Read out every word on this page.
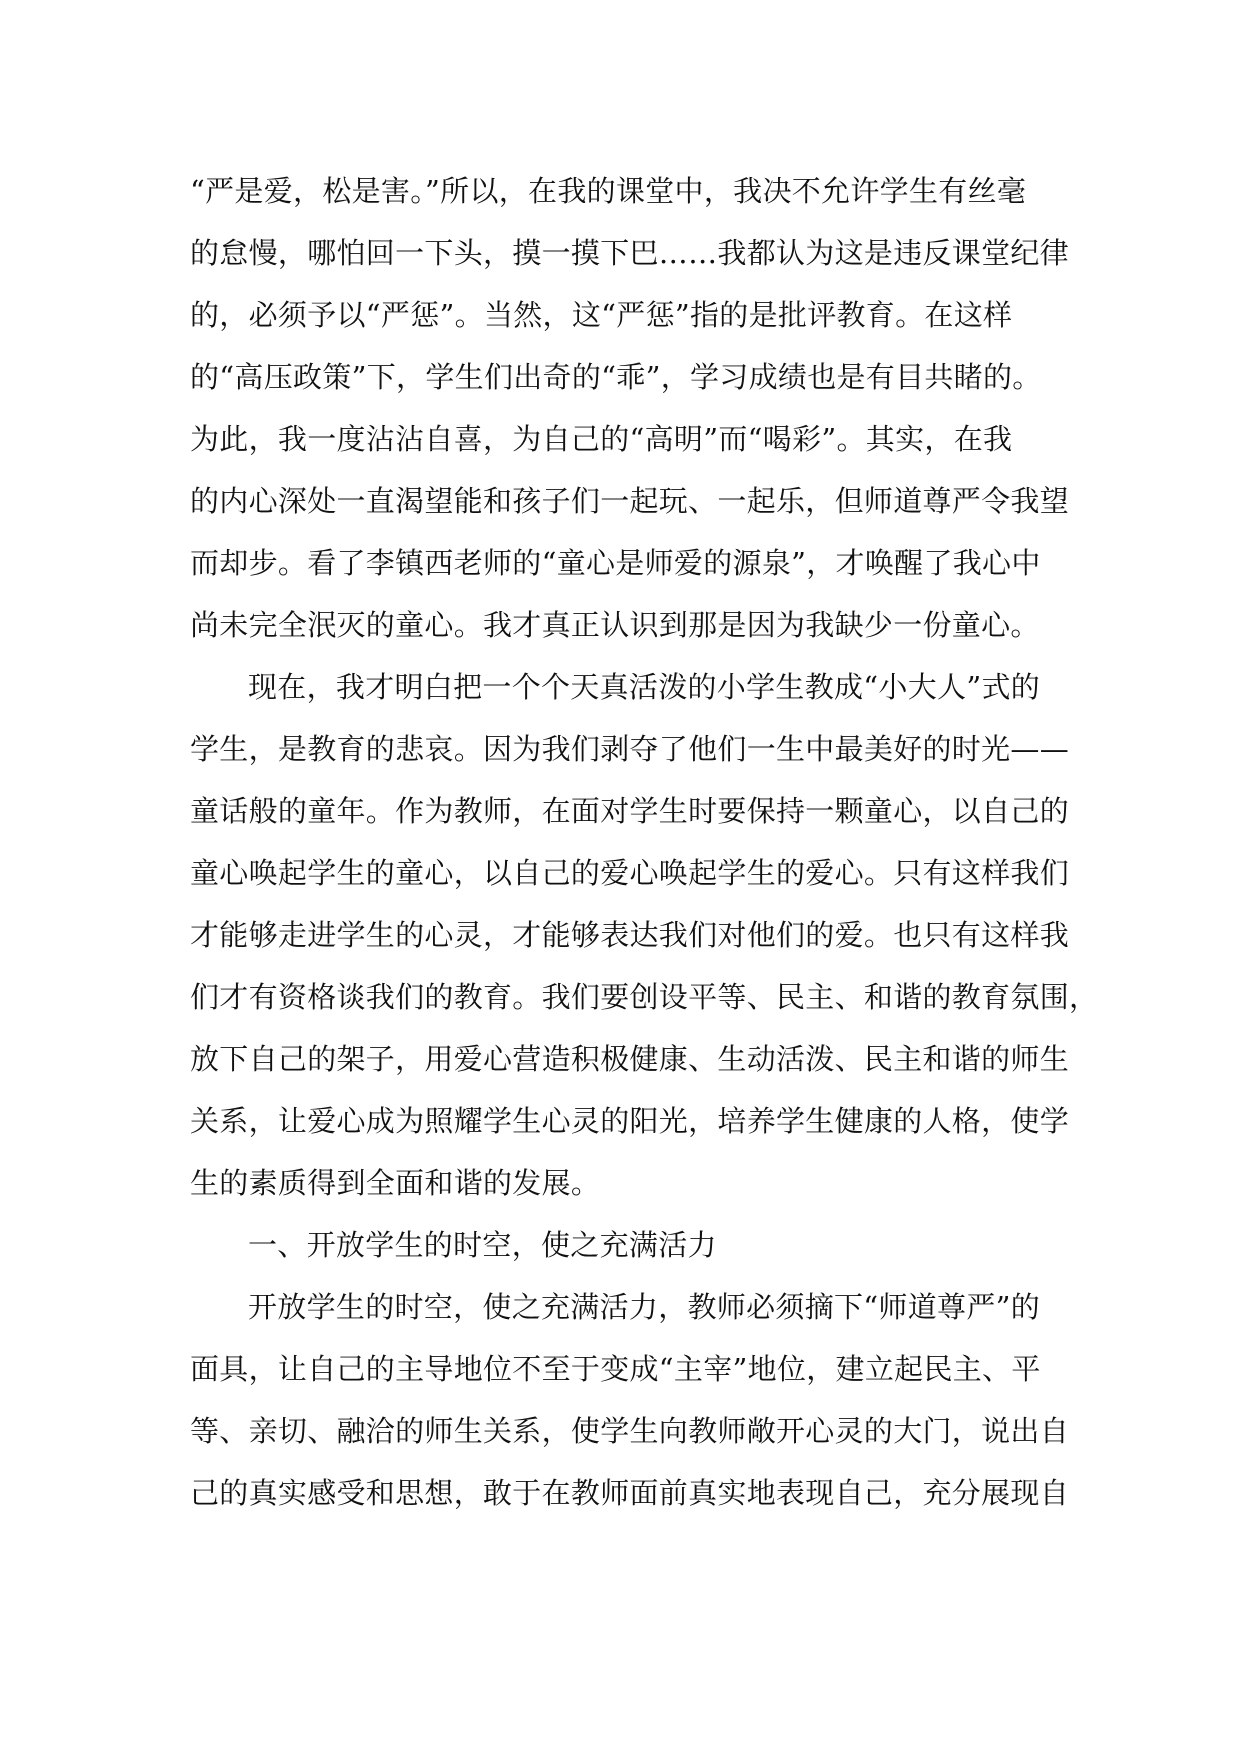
“严是爱，松是害。”所以，在我的课堂中，我决不允许学生有丝毫
的怠慢，哪怕回一下头，摸一摸下巴……我都认为这是违反课堂纪律
的，必须予以“严惩”。当然，这“严惩”指的是批评教育。在这样
的“高压政策”下，学生们出奇的“乖”，学习成绩也是有目共睹的。
为此，我一度沾沾自喜，为自己的“高明”而“喝彩”。其实，在我
的内心深处一直渴望能和孩子们一起玩、一起乐，但师道尊严令我望
而却步。看了李镇西老师的“童心是师爱的源泉”，才唤醒了我心中
尚未完全泯灭的童心。我才真正认识到那是因为我缺少一份童心。
现在，我才明白把一个个天真活泼的小学生教成“小大人”式的
学生，是教育的悲哀。因为我们剥夺了他们一生中最美好的时光——
童话般的童年。作为教师，在面对学生时要保持一颗童心，以自己的
童心唤起学生的童心，以自己的爱心唤起学生的爱心。只有这样我们
才能够走进学生的心灵，才能够表达我们对他们的爱。也只有这样我
们才有资格谈我们的教育。我们要创设平等、民主、和谐的教育氛围，
放下自己的架子，用爱心营造积极健康、生动活泼、民主和谐的师生
关系，让爱心成为照耀学生心灵的阳光，培养学生健康的人格，使学
生的素质得到全面和谐的发展。
一、开放学生的时空，使之充满活力
开放学生的时空，使之充满活力，教师必须摘下“师道尊严”的
面具，让自己的主导地位不至于变成“主宰”地位，建立起民主、平
等、亲切、融洽的师生关系，使学生向教师敞开心灵的大门，说出自
己的真实感受和思想，敢于在教师面前真实地表现自己，充分展现自
